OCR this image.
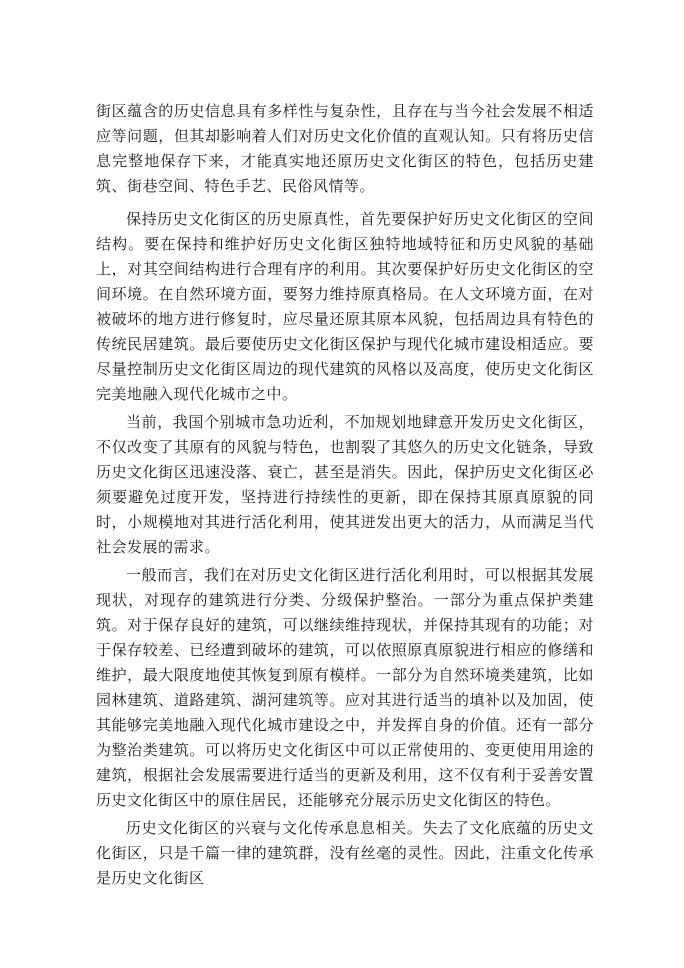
街区蕴含的历史信息具有多样性与复杂性，且存在与当今社会发展不相适应等问题，但其却影响着人们对历史文化价值的直观认知。只有将历史信息完整地保存下来，才能真实地还原历史文化街区的特色，包括历史建筑、街巷空间、特色手艺、民俗风情等。

保持历史文化街区的历史原真性，首先要保护好历史文化街区的空间结构。要在保持和维护好历史文化街区独特地域特征和历史风貌的基础上，对其空间结构进行合理有序的利用。其次要保护好历史文化街区的空间环境。在自然环境方面，要努力维持原真格局。在人文环境方面，在对被破坏的地方进行修复时，应尽量还原其原本风貌，包括周边具有特色的传统民居建筑。最后要使历史文化街区保护与现代化城市建设相适应。要尽量控制历史文化街区周边的现代建筑的风格以及高度，使历史文化街区完美地融入现代化城市之中。

当前，我国个别城市急功近利，不加规划地肆意开发历史文化街区，不仅改变了其原有的风貌与特色，也割裂了其悠久的历史文化链条，导致历史文化街区迅速没落、衰亡，甚至是消失。因此，保护历史文化街区必须要避免过度开发，坚持进行持续性的更新，即在保持其原真原貌的同时，小规模地对其进行活化利用，使其迸发出更大的活力，从而满足当代社会发展的需求。

一般而言，我们在对历史文化街区进行活化利用时，可以根据其发展现状，对现存的建筑进行分类、分级保护整治。一部分为重点保护类建筑。对于保存良好的建筑，可以继续维持现状，并保持其现有的功能；对于保存较差、已经遭到破坏的建筑，可以依照原真原貌进行相应的修缮和维护，最大限度地使其恢复到原有模样。一部分为自然环境类建筑，比如园林建筑、道路建筑、湖河建筑等。应对其进行适当的填补以及加固，使其能够完美地融入现代化城市建设之中，并发挥自身的价值。还有一部分为整治类建筑。可以将历史文化街区中可以正常使用的、变更使用用途的建筑，根据社会发展需要进行适当的更新及利用，这不仅有利于妥善安置历史文化街区中的原住居民，还能够充分展示历史文化街区的特色。

历史文化街区的兴衰与文化传承息息相关。失去了文化底蕴的历史文化街区，只是千篇一律的建筑群，没有丝毫的灵性。因此，注重文化传承是历史文化街区
